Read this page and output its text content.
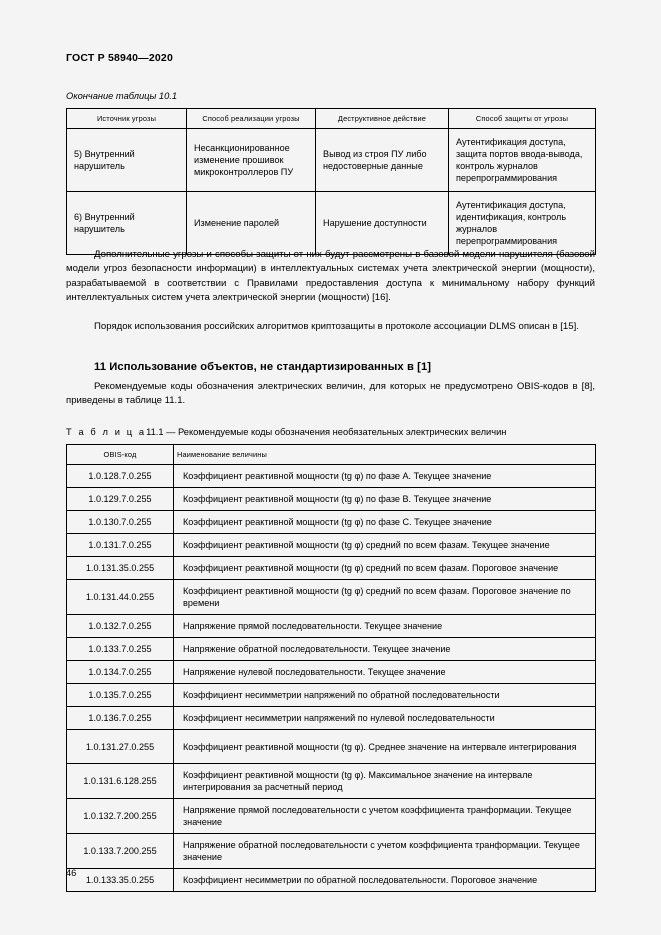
ГОСТ Р 58940—2020
Окончание таблицы 10.1
Источник угрозы	Способ реализации угрозы	Деструктивное действие	Способ защиты от угрозы
5) Внутренний нарушитель	Несанкционированное изменение прошивок микроконтроллеров ПУ	Вывод из строя ПУ либо недостоверные данные	Аутентификация доступа, защита портов ввода-вывода, контроль журналов перепрограммирования
6) Внутренний нарушитель	Изменение паролей	Нарушение доступности	Аутентификация доступа, идентификация, контроль журналов перепрограммирования
Дополнительные угрозы и способы защиты от них будут рассмотрены в базовой модели нарушителя (базовой модели угроз безопасности информации) в интеллектуальных системах учета электрической энергии (мощности), разрабатываемой в соответствии с Правилами предоставления доступа к минимальному набору функций интеллектуальных систем учета электрической энергии (мощности) [16].
Порядок использования российских алгоритмов криптозащиты в протоколе ассоциации DLMS описан в [15].
11 Использование объектов, не стандартизированных в [1]
Рекомендуемые коды обозначения электрических величин, для которых не предусмотрено OBIS-кодов в [8], приведены в таблице 11.1.
Т а б л и ц а11.1 — Рекомендуемые коды обозначения необязательных электрических величин
OBIS-код	Наименование величины
1.0.128.7.0.255	Коэффициент реактивной мощности (tg φ) по фазе A. Текущее значение
1.0.129.7.0.255	Коэффициент реактивной мощности (tg φ) по фазе B. Текущее значение
1.0.130.7.0.255	Коэффициент реактивной мощности (tg φ) по фазе C. Текущее значение
1.0.131.7.0.255	Коэффициент реактивной мощности (tg φ) средний по всем фазам. Текущее значение
1.0.131.35.0.255	Коэффициент реактивной мощности (tg φ) средний по всем фазам. Пороговое значение
1.0.131.44.0.255	Коэффициент реактивной мощности (tg φ) средний по всем фазам. Пороговое значение по времени
1.0.132.7.0.255	Напряжение прямой последовательности. Текущее значение
1.0.133.7.0.255	Напряжение обратной последовательности. Текущее значение
1.0.134.7.0.255	Напряжение нулевой последовательности. Текущее значение
1.0.135.7.0.255	Коэффициент несимметрии напряжений по обратной последовательности
1.0.136.7.0.255	Коэффициент несимметрии напряжений по нулевой последовательности
1.0.131.27.0.255	Коэффициент реактивной мощности (tg φ). Среднее значение на интервале интегрирования
1.0.131.6.128.255	Коэффициент реактивной мощности (tg φ). Максимальное значение на интервале интегрирования за расчетный период
1.0.132.7.200.255	Напряжение прямой последовательности с учетом коэффициента транформации. Текущее значение
1.0.133.7.200.255	Напряжение обратной последовательности с учетом коэффициента транформации. Текущее значение
1.0.133.35.0.255	Коэффициент несимметрии по обратной последовательности. Пороговое значение
46
